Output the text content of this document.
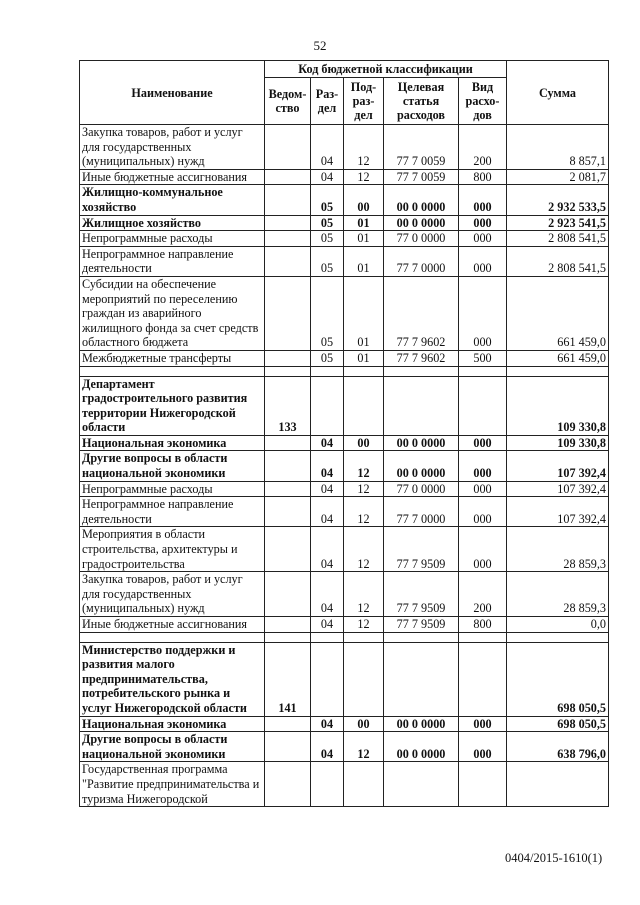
52
Наименование	Код бюджетной классификации					Сумма
	Ведом-ство	Раз-дел	Под-раз-дел	Целевая статья расходов	Вид расхо-дов	
Закупка товаров, работ и услуг для государственных (муниципальных) нужд		04	12	77 7 0059	200	8 857,1
Иные бюджетные ассигнования		04	12	77 7 0059	800	2 081,7
Жилищно-коммунальное хозяйство		05	00	00 0 0000	000	2 932 533,5
Жилищное хозяйство		05	01	00 0 0000	000	2 923 541,5
Непрограммные расходы		05	01	77 0 0000	000	2 808 541,5
Непрограммное направление деятельности		05	01	77 7 0000	000	2 808 541,5
Субсидии на обеспечение мероприятий по переселению граждан из аварийного жилищного фонда за счет средств областного бюджета		05	01	77 7 9602	000	661 459,0
Межбюджетные трансферты		05	01	77 7 9602	500	661 459,0

Департамент градостроительного развития территории Нижегородской области	133					109 330,8
Национальная экономика		04	00	00 0 0000	000	109 330,8
Другие вопросы в области национальной экономики		04	12	00 0 0000	000	107 392,4
Непрограммные расходы		04	12	77 0 0000	000	107 392,4
Непрограммное направление деятельности		04	12	77 7 0000	000	107 392,4
Мероприятия в области строительства, архитектуры и градостроительства		04	12	77 7 9509	000	28 859,3
Закупка товаров, работ и услуг для государственных (муниципальных) нужд		04	12	77 7 9509	200	28 859,3
Иные бюджетные ассигнования		04	12	77 7 9509	800	0,0

Министерство поддержки и развития малого предпринимательства, потребительского рынка и услуг Нижегородской области	141					698 050,5
Национальная экономика		04	00	00 0 0000	000	698 050,5
Другие вопросы в области национальной экономики		04	12	00 0 0000	000	638 796,0
Государственная программа "Развитие предпринимательства и туризма Нижегородской						
0404/2015-1610(1)
